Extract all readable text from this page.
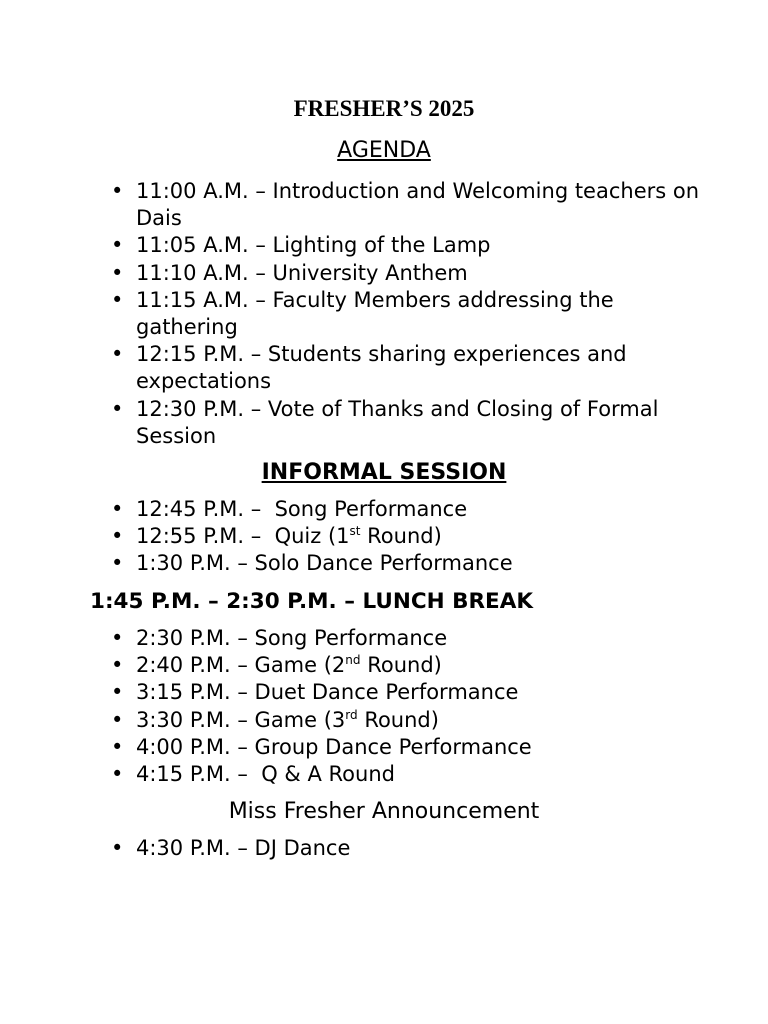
FRESHER’S 2025
AGENDA
• 11:00 A.M. – Introduction and Welcoming teachers on Dais
• 11:05 A.M. – Lighting of the Lamp
• 11:10 A.M. – University Anthem
• 11:15 A.M. – Faculty Members addressing the gathering
• 12:15 P.M. – Students sharing experiences and expectations
• 12:30 P.M. – Vote of Thanks and Closing of Formal Session
INFORMAL SESSION
• 12:45 P.M. –  Song Performance
• 12:55 P.M. –  Quiz (1st Round)
• 1:30 P.M. – Solo Dance Performance
1:45 P.M. – 2:30 P.M. – LUNCH BREAK
• 2:30 P.M. – Song Performance
• 2:40 P.M. – Game (2nd Round)
• 3:15 P.M. – Duet Dance Performance
• 3:30 P.M. – Game (3rd Round)
• 4:00 P.M. – Group Dance Performance
• 4:15 P.M. –  Q & A Round
Miss Fresher Announcement
• 4:30 P.M. – DJ Dance
